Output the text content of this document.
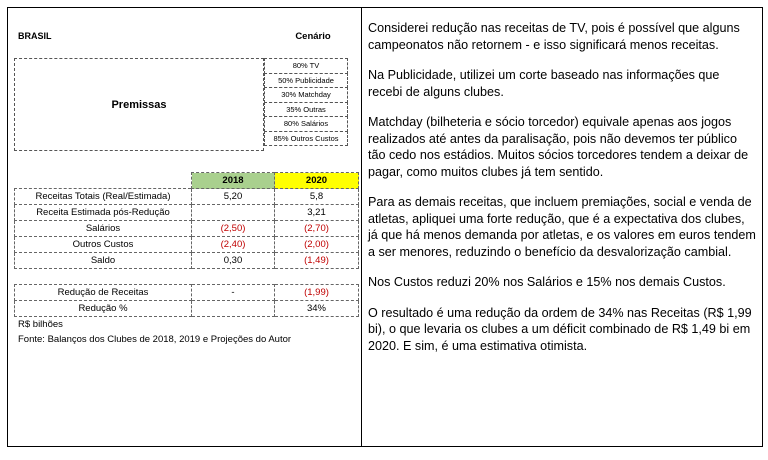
BRASIL	Cenário
Premissas
80% TV
50% Publicidade
30% Matchday
35% Outras
80% Salários
85% Outros Custos
	2018	2020
Receitas Totais (Real/Estimada)	5,20	5,8
Receita Estimada pós-Redução		3,21
Salários	(2,50)	(2,70)
Outros Custos	(2,40)	(2,00)
Saldo	0,30	(1,49)
Redução de Receitas	-	(1,99)
Redução %		34%
R$ bilhões
Fonte: Balanços dos Clubes de 2018, 2019 e Projeções do Autor

Considerei redução nas receitas de TV, pois é possível que alguns campeonatos não retornem - e isso significará menos receitas.

Na Publicidade, utilizei um corte baseado nas informações que recebi de alguns clubes.

Matchday (bilheteria e sócio torcedor) equivale apenas aos jogos realizados até antes da paralisação, pois não devemos ter público tão cedo nos estádios. Muitos sócios torcedores tendem a deixar de pagar, como muitos clubes já tem sentido.

Para as demais receitas, que incluem premiações, social e venda de atletas, apliquei uma forte redução, que é a expectativa dos clubes, já que há menos demanda por atletas, e os valores em euros tendem a ser menores, reduzindo o benefício da desvalorização cambial.

Nos Custos reduzi 20% nos Salários e 15% nos demais Custos.

O resultado é uma redução da ordem de 34% nas Receitas (R$ 1,99 bi), o que levaria os clubes a um déficit combinado de R$ 1,49 bi em 2020. E sim, é uma estimativa otimista.
